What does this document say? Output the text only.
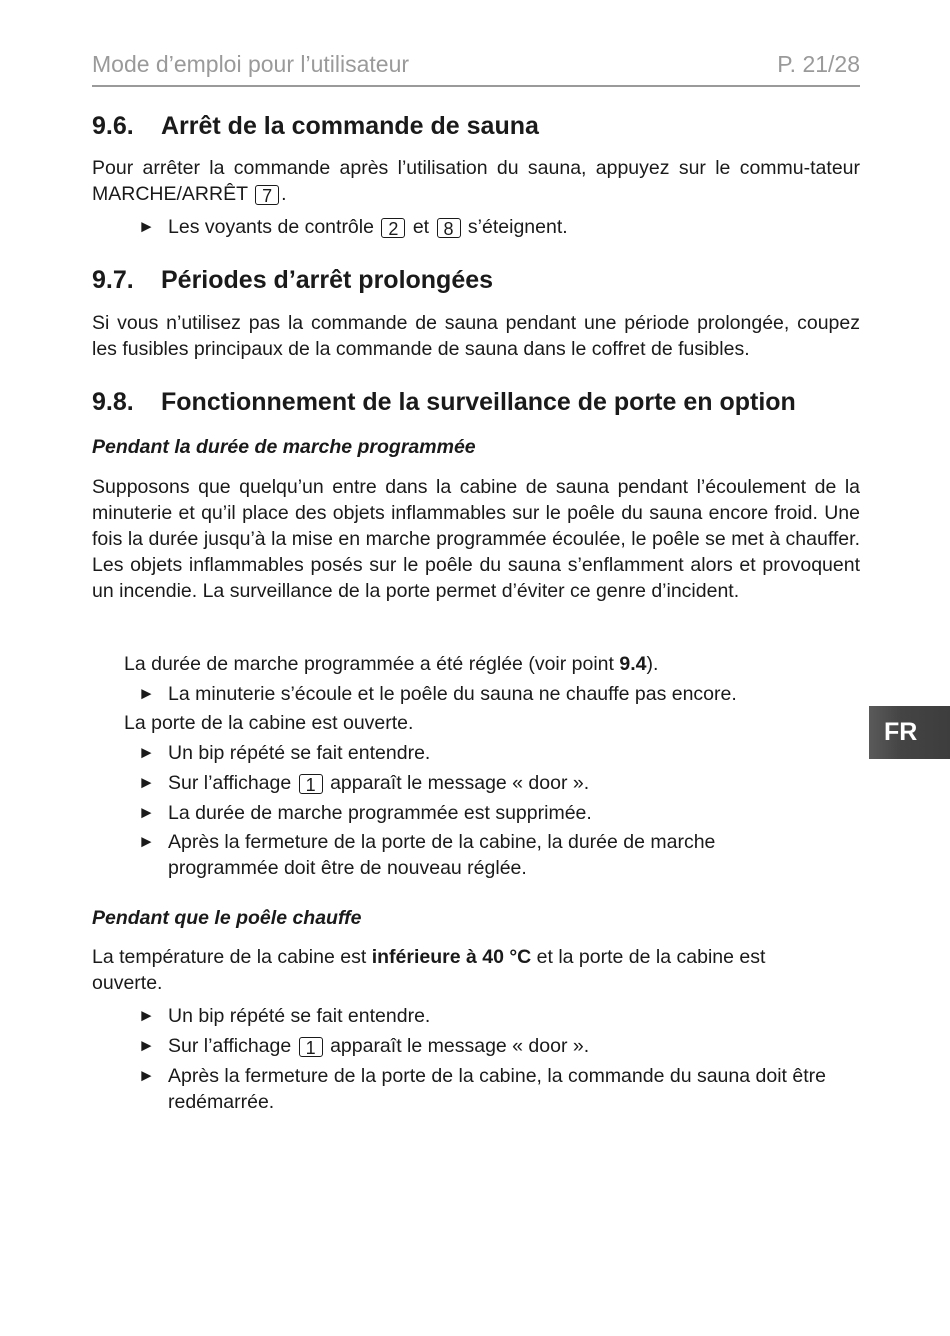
Mode d’emploi pour l’utilisateur	P. 21/28
FR
9.6. Arrêt de la commande de sauna

Pour arrêter la commande après l’utilisation du sauna, appuyez sur le commu-tateur MARCHE/ARRÊT 7 .

► Les voyants de contrôle 2 et 8 s’éteignent.
9.7. Périodes d’arrêt prolongées

Si vous n’utilisez pas la commande de sauna pendant une période prolongée, coupez les fusibles principaux de la commande de sauna dans le coffret de fusibles.

9.8. Fonctionnement de la surveillance de porte en option

Pendant la durée de marche programmée

Supposons que quelqu’un entre dans la cabine de sauna pendant l’écoulement de la minuterie et qu’il place des objets inflammables sur le poêle du sauna encore froid. Une fois la durée jusqu’à la mise en marche programmée écoulée, le poêle se met à chauffer. Les objets inflammables posés sur le poêle du sauna s’enflamment alors et provoquent un incendie. La surveillance de la porte permet d’éviter ce genre d’incident.

La durée de marche programmée a été réglée (voir point 9.4).

► La minuterie s’écoule et le poêle du sauna ne chauffe pas encore.

La porte de la cabine est ouverte.

► Un bip répété se fait entendre.
► Sur l’affichage 1 apparaît le message « door ».
► La durée de marche programmée est supprimée.
► Après la fermeture de la porte de la cabine, la durée de marche programmée doit être de nouveau réglée.

Pendant que le poêle chauffe

La température de la cabine est inférieure à 40 °C et la porte de la cabine est ouverte.

► Un bip répété se fait entendre.
► Sur l’affichage 1 apparaît le message « door ».
► Après la fermeture de la porte de la cabine, la commande du sauna doit être redémarrée.
